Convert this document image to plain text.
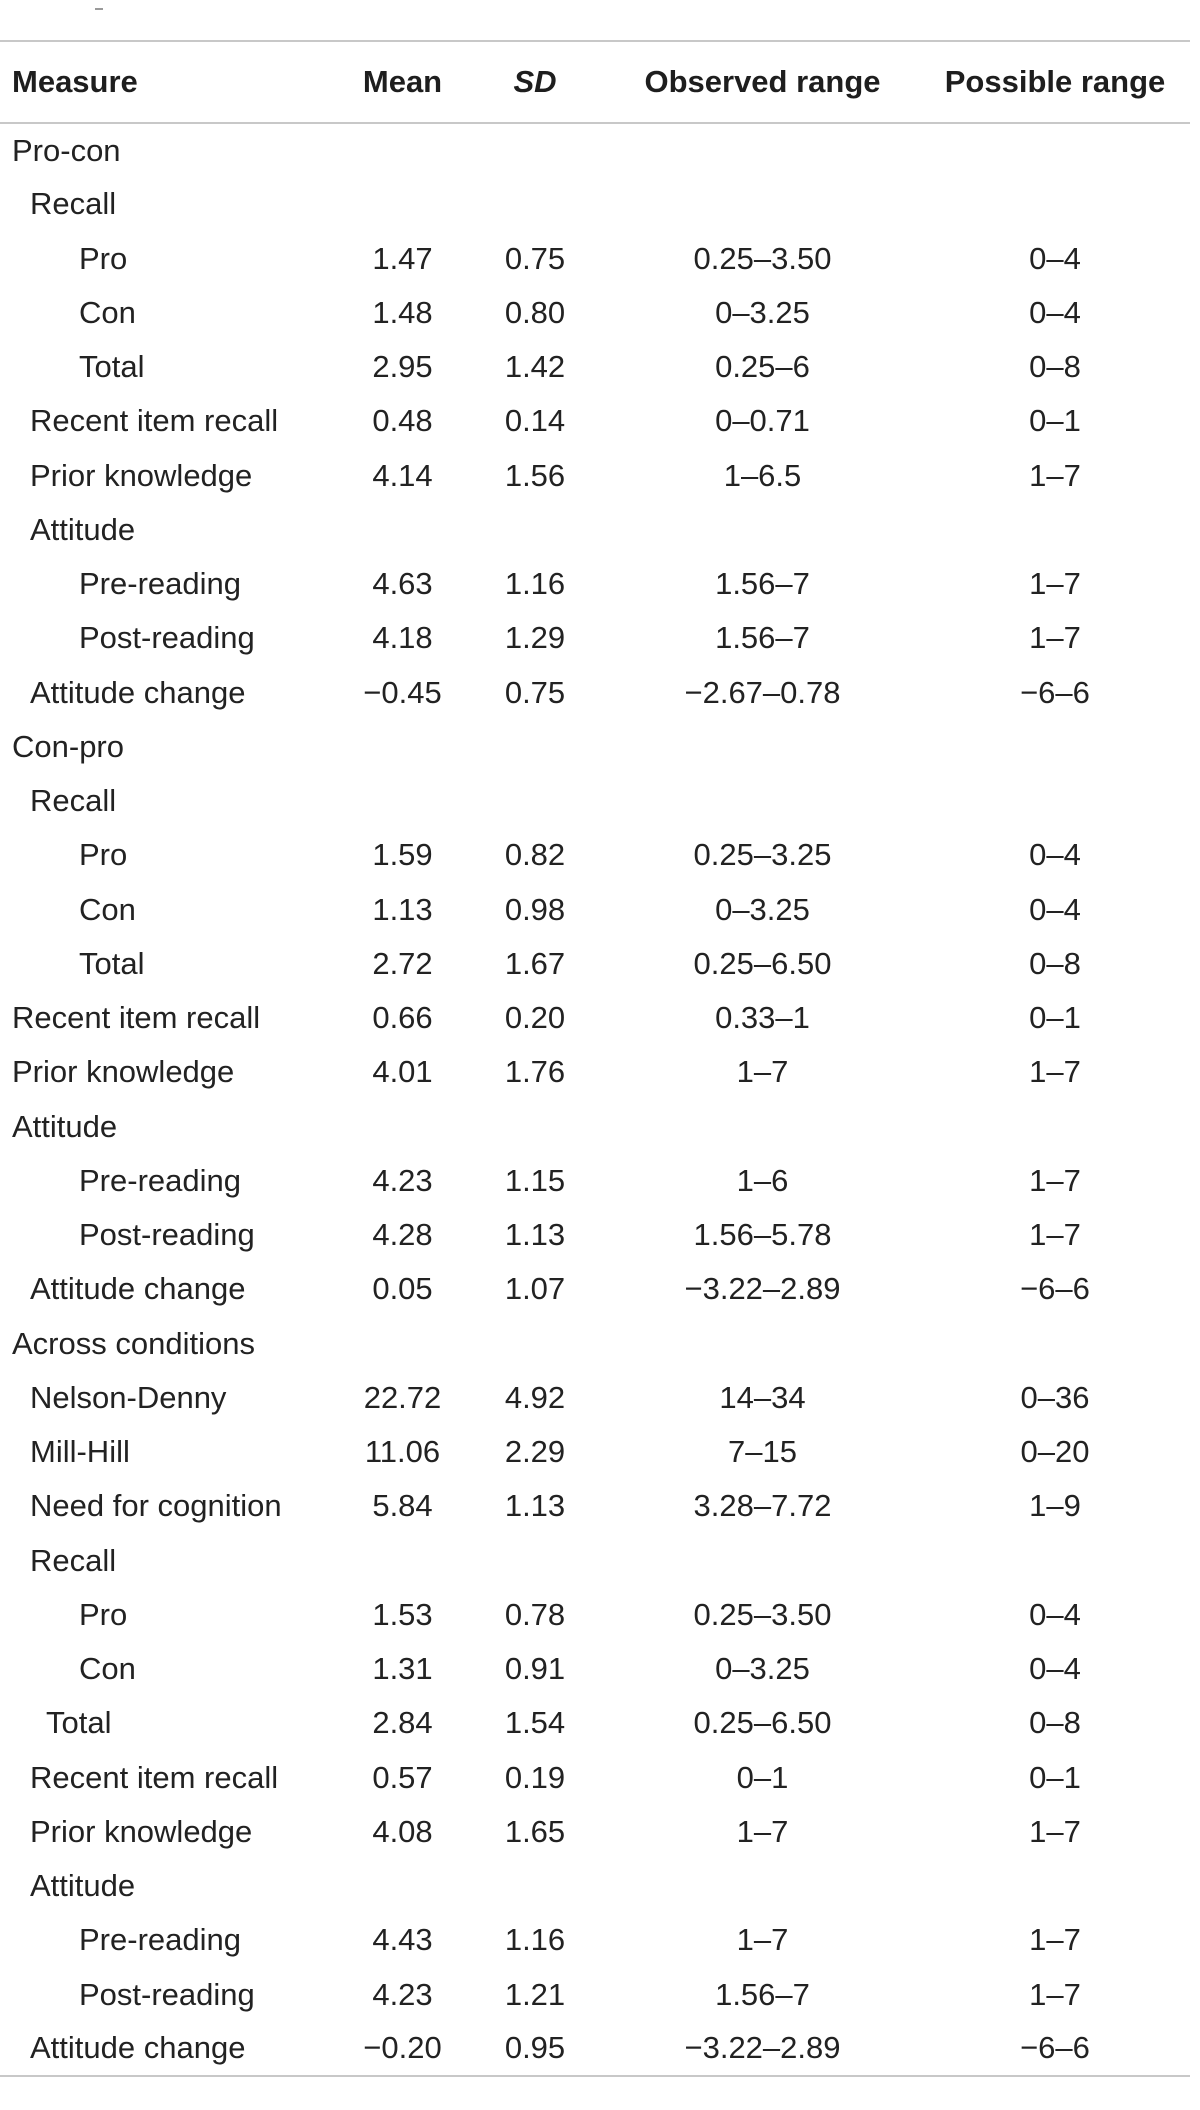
Measure	Mean	SD	Observed range	Possible range
Pro-con				
Recall				
Pro	1.47	0.75	0.25–3.50	0–4
Con	1.48	0.80	0–3.25	0–4
Total	2.95	1.42	0.25–6	0–8
Recent item recall	0.48	0.14	0–0.71	0–1
Prior knowledge	4.14	1.56	1–6.5	1–7
Attitude				
Pre-reading	4.63	1.16	1.56–7	1–7
Post-reading	4.18	1.29	1.56–7	1–7
Attitude change	−0.45	0.75	−2.67–0.78	−6–6
Con-pro				
Recall				
Pro	1.59	0.82	0.25–3.25	0–4
Con	1.13	0.98	0–3.25	0–4
Total	2.72	1.67	0.25–6.50	0–8
Recent item recall	0.66	0.20	0.33–1	0–1
Prior knowledge	4.01	1.76	1–7	1–7
Attitude				
Pre-reading	4.23	1.15	1–6	1–7
Post-reading	4.28	1.13	1.56–5.78	1–7
Attitude change	0.05	1.07	−3.22–2.89	−6–6
Across conditions				
Nelson-Denny	22.72	4.92	14–34	0–36
Mill-Hill	11.06	2.29	7–15	0–20
Need for cognition	5.84	1.13	3.28–7.72	1–9
Recall				
Pro	1.53	0.78	0.25–3.50	0–4
Con	1.31	0.91	0–3.25	0–4
Total	2.84	1.54	0.25–6.50	0–8
Recent item recall	0.57	0.19	0–1	0–1
Prior knowledge	4.08	1.65	1–7	1–7
Attitude				
Pre-reading	4.43	1.16	1–7	1–7
Post-reading	4.23	1.21	1.56–7	1–7
Attitude change	−0.20	0.95	−3.22–2.89	−6–6
